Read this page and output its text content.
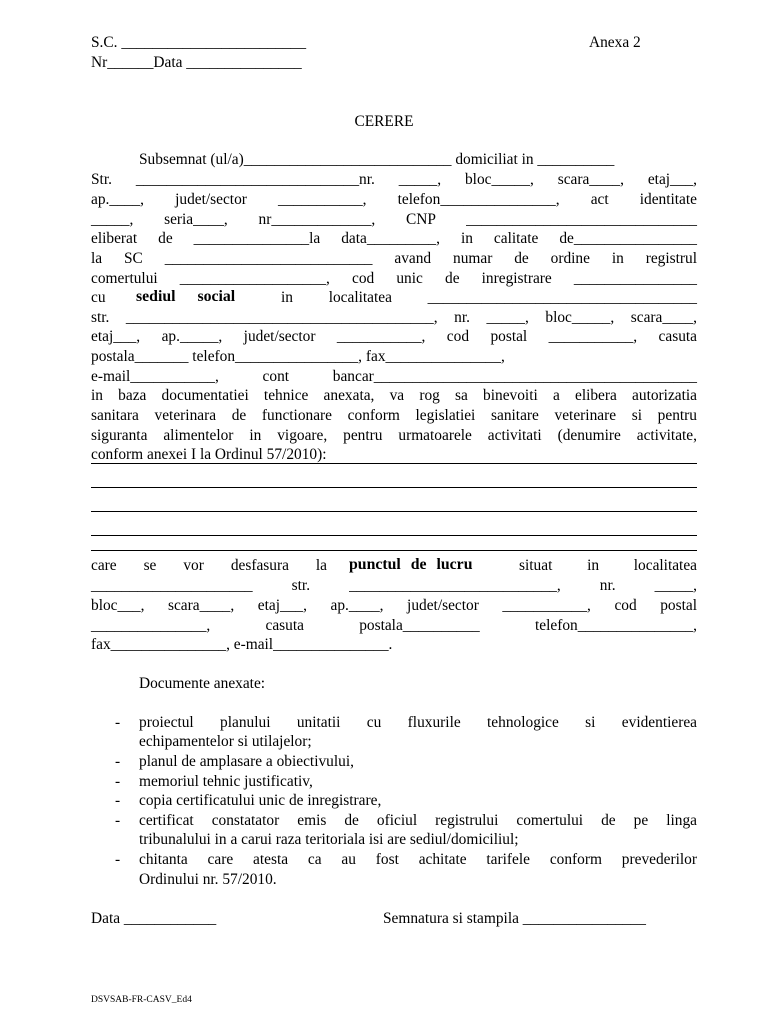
S.C. ________________________	Anexa 2
Nr______Data _______________
CERERE
Subsemnat (ul/a)___________________________ domiciliat in __________
Str. _____________________________nr. _____, bloc_____, scara____, etaj___,
ap.____, judet/sector ___________, telefon_______________, act identitate
_____, seria____, nr_____________, CNP ______________________________
eliberat de _______________la data_________, in calitate de________________
la SC ___________________________ avand numar de ordine in registrul
comertului ___________________, cod unic de inregistrare ________________
cu sediul social	in localitatea ___________________________________
str. ________________________________________, nr. _____, bloc_____, scara____,
etaj___, ap._____, judet/sector ___________, cod postal ___________, casuta
postala_______ telefon________________, fax_______________,
e-mail___________, cont bancar__________________________________________
in baza documentatiei tehnice anexata, va rog sa binevoiti a elibera autorizatia
sanitara veterinara de functionare conform legislatiei sanitare veterinare si pentru
siguranta alimentelor in vigoare, pentru urmatoarele activitati (denumire activitate,
conform anexei I la Ordinul 57/2010):
care se vor desfasura la punctul de lucru	situat in localitatea
_____________________ str. ___________________________, nr. _____,
bloc___, scara____, etaj___, ap.____, judet/sector ___________, cod postal
_______________, casuta postala__________ telefon_______________,
fax_______________, e-mail_______________.
Documente anexate:
- proiectul planului unitatii cu fluxurile tehnologice si evidentierea
echipamentelor si utilajelor;
- planul de amplasare a obiectivului,
- memoriul tehnic justificativ,
- copia certificatului unic de inregistrare,
- certificat constatator emis de oficiul registrului comertului de pe linga
tribunalului in a carui raza teritoriala isi are sediul/domiciliul;
- chitanta care atesta ca au fost achitate tarifele conform prevederilor
Ordinului nr. 57/2010.
Data ____________	Semnatura si stampila ________________
DSVSAB-FR-CASV_Ed4
